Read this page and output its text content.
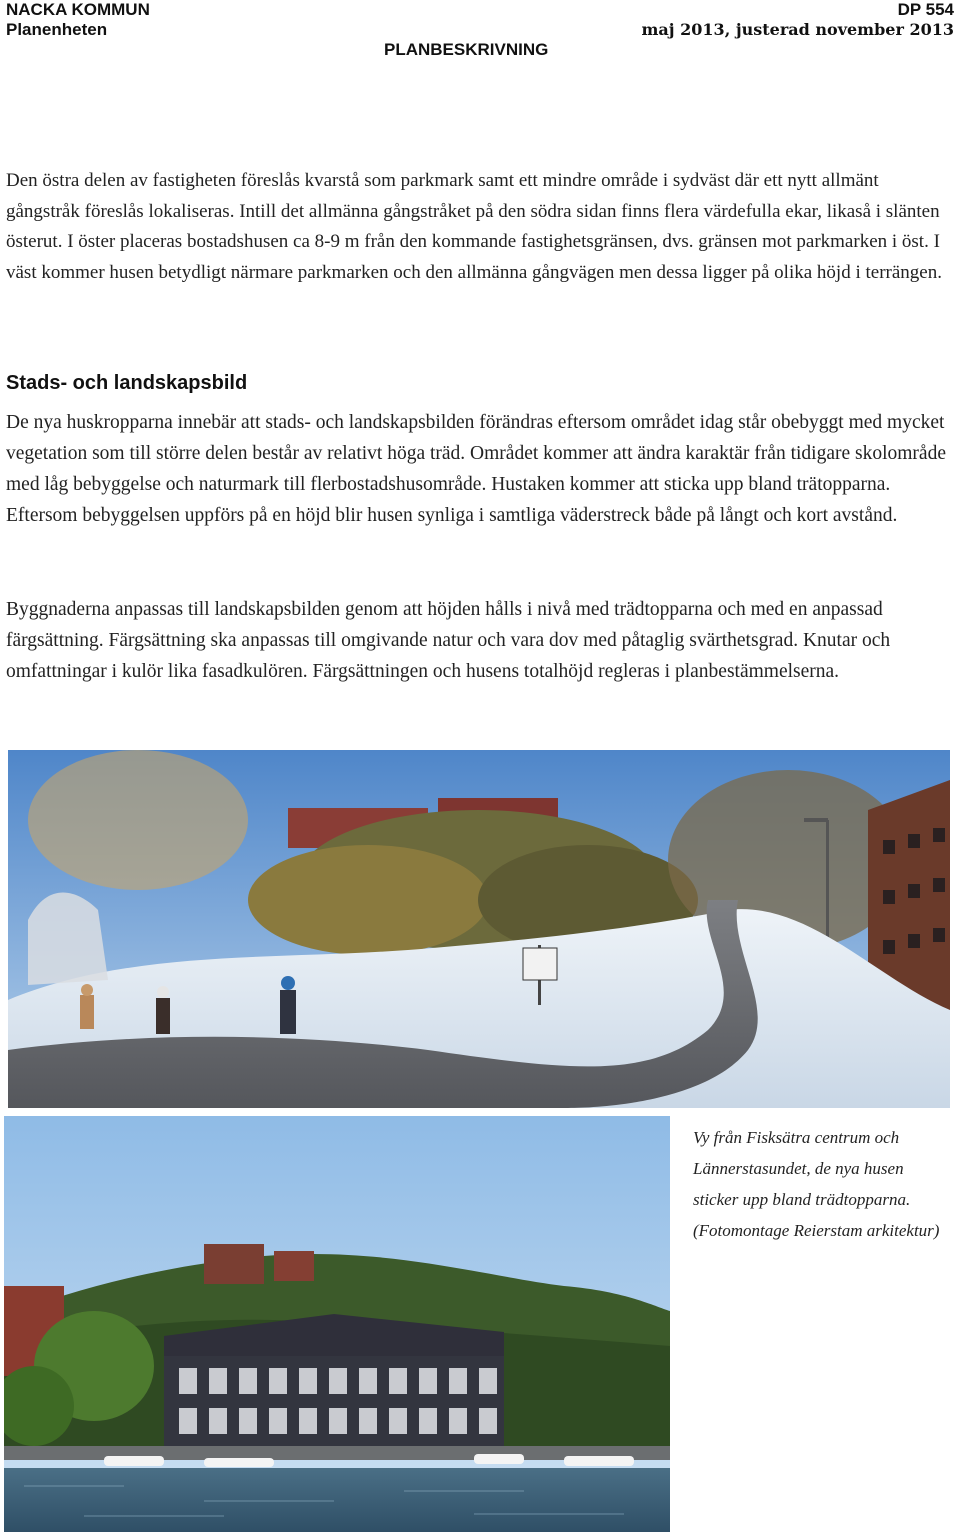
NACKA KOMMUN
Planenheten
PLANBESKRIVNING
DP 554
maj 2013, justerad november 2013

Den östra delen av fastigheten föreslås kvarstå som parkmark samt ett mindre område i sydväst där ett nytt allmänt gångstråk föreslås lokaliseras. Intill det allmänna gångstråket på den södra sidan finns flera värdefulla ekar, likaså i slänten österut. I öster placeras bostadshusen ca 8-9 m från den kommande fastighetsgränsen, dvs. gränsen mot parkmarken i öst. I väst kommer husen betydligt närmare parkmarken och den allmänna gångvägen men dessa ligger på olika höjd i terrängen.

Stads- och landskapsbild

De nya huskropparna innebär att stads- och landskapsbilden förändras eftersom området idag står obebyggt med mycket vegetation som till större delen består av relativt höga träd. Området kommer att ändra karaktär från tidigare skolområde med låg bebyggelse och naturmark till flerbostadshusområde. Hustaken kommer att sticka upp bland trätopparna. Eftersom bebyggelsen uppförs på en höjd blir husen synliga i samtliga väderstreck både på långt och kort avstånd.

Byggnaderna anpassas till landskapsbilden genom att höjden hålls i nivå med trädtopparna och med en anpassad färgsättning. Färgsättning ska anpassas till omgivande natur och vara dov med påtaglig svärthetsgrad. Knutar och omfattningar i kulör lika fasadkulören. Färgsättningen och husens totalhöjd regleras i planbestämmelserna.

Vy från Fisksätra centrum och
Lännerstasundet, de nya husen
sticker upp bland trädtopparna.
(Fotomontage Reierstam arkitektur)
